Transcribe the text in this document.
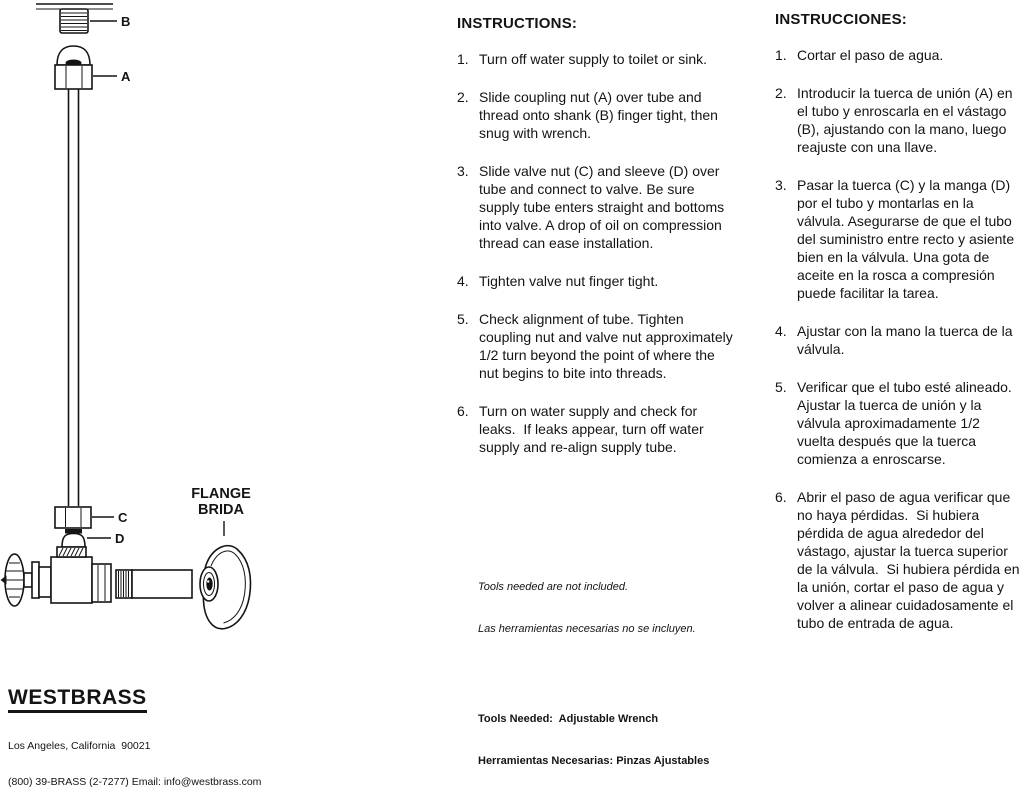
B
A
C
D
FLANGE
BRIDA
INSTRUCTIONS:
1. Turn off water supply to toilet or sink.
2. Slide coupling nut (A) over tube and thread onto shank (B) finger tight, then snug with wrench.
3. Slide valve nut (C) and sleeve (D) over tube and connect to valve. Be sure supply tube enters straight and bottoms into valve. A drop of oil on compression thread can ease installation.
4. Tighten valve nut finger tight.
5. Check alignment of tube. Tighten coupling nut and valve nut approximately 1/2 turn beyond the point of where the nut begins to bite into threads.
6. Turn on water supply and check for leaks.  If leaks appear, turn off water supply and re-align supply tube.
INSTRUCCIONES:
1. Cortar el paso de agua.
2. Introducir la tuerca de unión (A) en el tubo y enroscarla en el vástago (B), ajustando con la mano, luego reajuste con una llave.
3. Pasar la tuerca (C) y la manga (D) por el tubo y montarlas en la válvula. Asegurarse de que el tubo del suministro entre recto y asiente bien en la válvula. Una gota de aceite en la rosca a compresión puede facilitar la tarea.
4. Ajustar con la mano la tuerca de la válvula.
5. Verificar que el tubo esté alineado. Ajustar la tuerca de unión y la válvula aproximadamente 1/2 vuelta después que la tuerca comienza a enroscarse.
6. Abrir el paso de agua verificar que no haya pérdidas.  Si hubiera pérdida de agua alrededor del vástago, ajustar la tuerca superior de la válvula.  Si hubiera pérdida en la unión, cortar el paso de agua y volver a alinear cuidadosamente el tubo de entrada de agua.

Tools needed are not included.

Las herramientas necesarias no se incluyen.

Tools Needed:  Adjustable Wrench

Herramientas Necesarias: Pinzas Ajustables

WESTBRASS

Los Angeles, California  90021

(800) 39-BRASS (2-7277) Email: info@westbrass.com
